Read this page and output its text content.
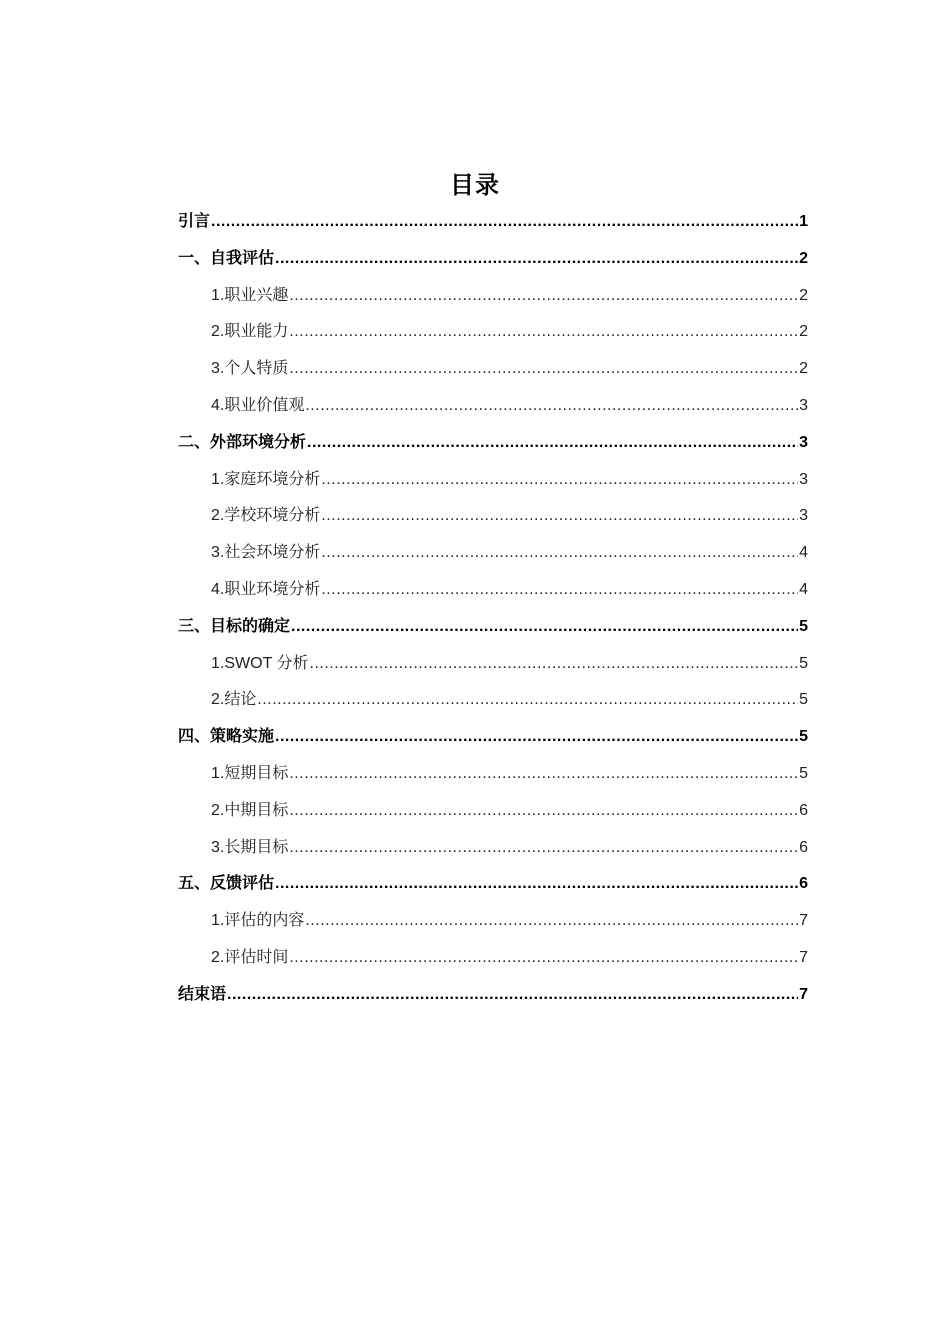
目录
引言 .....	1
一、自我评估 .....	2
1.职业兴趣 .....	2
2.职业能力 .....	2
3.个人特质 .....	2
4.职业价值观 .....	3
二、外部环境分析 .....	3
1.家庭环境分析 .....	3
2.学校环境分析 .....	3
3.社会环境分析 .....	4
4.职业环境分析 .....	4
三、目标的确定 .....	5
1.SWOT 分析 .....	5
2.结论 .....	5
四、策略实施 .....	5
1.短期目标 .....	5
2.中期目标 .....	6
3.长期目标 .....	6
五、反馈评估 .....	6
1.评估的内容 .....	7
2.评估时间 .....	7
结束语 .....	7
